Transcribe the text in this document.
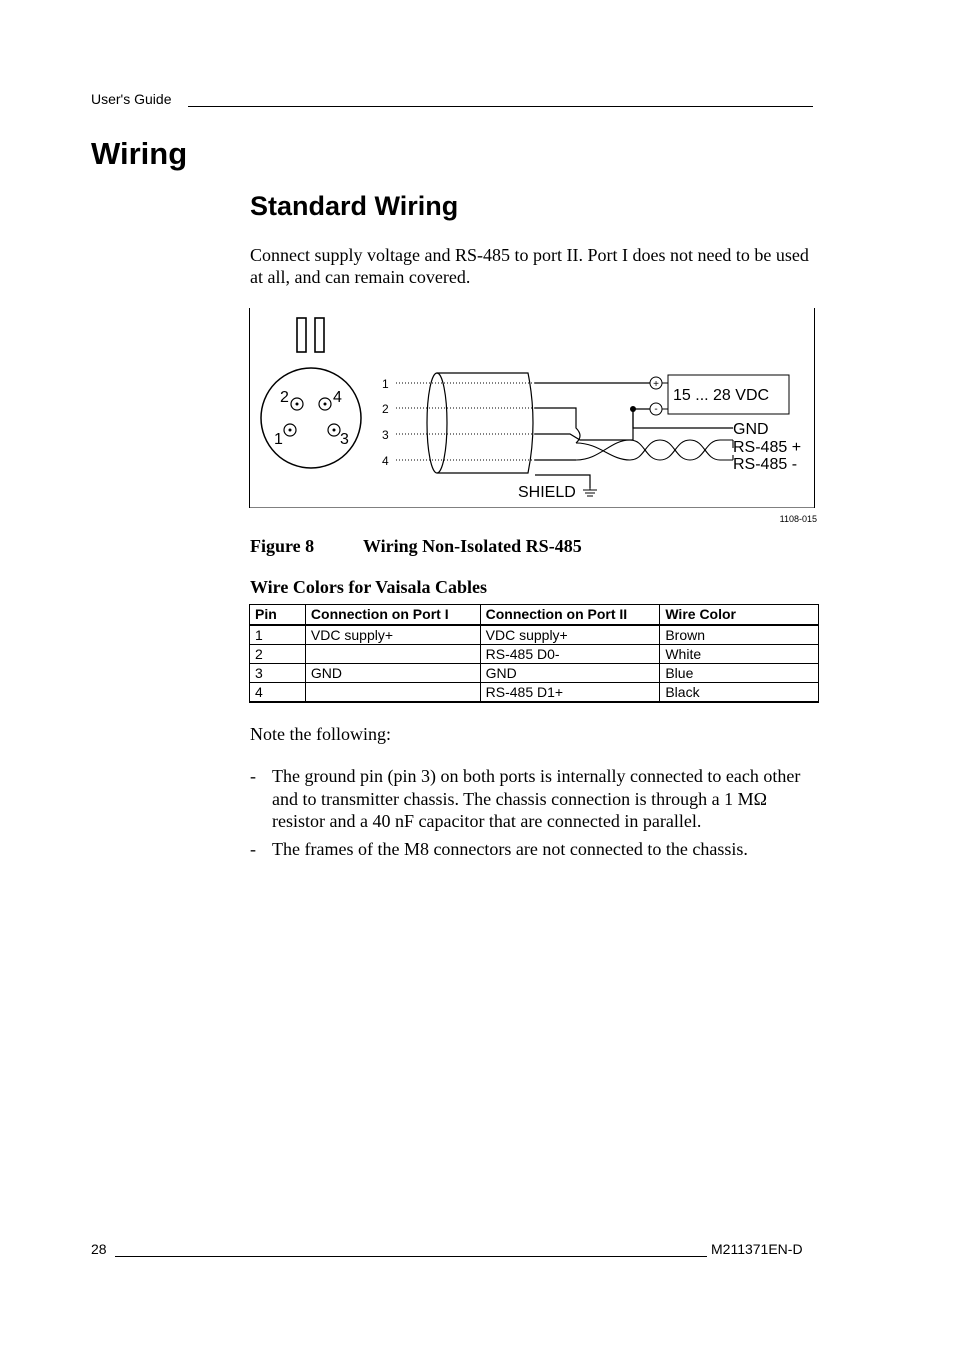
User's Guide
Wiring
Standard Wiring

Connect supply voltage and RS-485 to port II. Port I does not need to be used at all, and can remain covered.

2	4
1	3
1
2
3
4
+
-
15 ... 28 VDC
GND
RS-485 +
RS-485 -
SHIELD
1108-015
Figure 8	Wiring Non-Isolated RS-485
Wire Colors for Vaisala Cables
Pin	Connection on Port I	Connection on Port II	Wire Color
1	VDC supply+	VDC supply+	Brown
2		RS-485 D0-	White
3	GND	GND	Blue
4		RS-485 D1+	Black
Note the following:
- The ground pin (pin 3) on both ports is internally connected to each other and to transmitter chassis. The chassis connection is through a 1 MΩ resistor and a 40 nF capacitor that are connected in parallel.
- The frames of the M8 connectors are not connected to the chassis.
28	M211371EN-D
